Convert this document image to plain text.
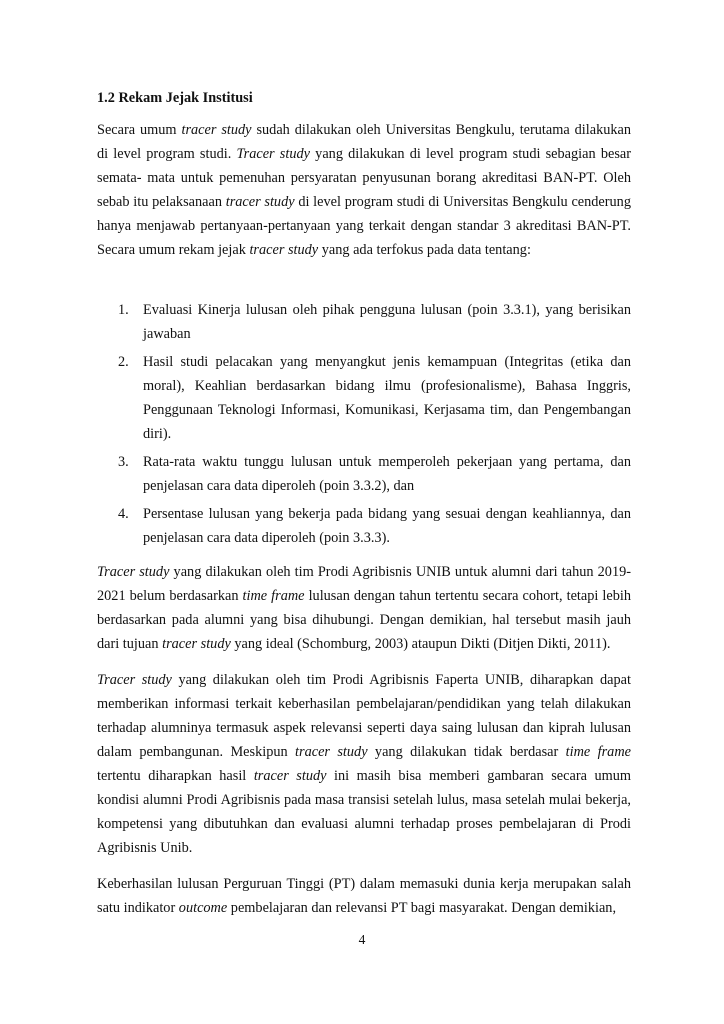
1.2 Rekam Jejak Institusi
Secara umum tracer study sudah dilakukan oleh Universitas Bengkulu, terutama dilakukan di level program studi. Tracer study yang dilakukan di level program studi sebagian besar semata- mata untuk pemenuhan persyaratan penyusunan borang akreditasi BAN-PT. Oleh sebab itu pelaksanaan tracer study di level program studi di Universitas Bengkulu cenderung hanya menjawab pertanyaan-pertanyaan yang terkait dengan standar 3 akreditasi BAN-PT. Secara umum rekam jejak tracer study yang ada terfokus pada data tentang:
1. Evaluasi Kinerja lulusan oleh pihak pengguna lulusan (poin 3.3.1), yang berisikan jawaban
2. Hasil studi pelacakan yang menyangkut jenis kemampuan (Integritas (etika dan moral), Keahlian berdasarkan bidang ilmu (profesionalisme), Bahasa Inggris, Penggunaan Teknologi Informasi, Komunikasi, Kerjasama tim, dan Pengembangan diri).
3. Rata-rata waktu tunggu lulusan untuk memperoleh pekerjaan yang pertama, dan penjelasan cara data diperoleh (poin 3.3.2), dan
4. Persentase lulusan yang bekerja pada bidang yang sesuai dengan keahliannya, dan penjelasan cara data diperoleh (poin 3.3.3).
Tracer study yang dilakukan oleh tim Prodi Agribisnis UNIB untuk alumni dari tahun 2019-2021 belum berdasarkan time frame lulusan dengan tahun tertentu secara cohort, tetapi lebih berdasarkan pada alumni yang bisa dihubungi. Dengan demikian, hal tersebut masih jauh dari tujuan tracer study yang ideal (Schomburg, 2003) ataupun Dikti (Ditjen Dikti, 2011).
Tracer study yang dilakukan oleh tim Prodi Agribisnis Faperta UNIB, diharapkan dapat memberikan informasi terkait keberhasilan pembelajaran/pendidikan yang telah dilakukan terhadap alumninya termasuk aspek relevansi seperti daya saing lulusan dan kiprah lulusan dalam pembangunan. Meskipun tracer study yang dilakukan tidak berdasar time frame tertentu diharapkan hasil tracer study ini masih bisa memberi gambaran secara umum kondisi alumni Prodi Agribisnis pada masa transisi setelah lulus, masa setelah mulai bekerja, kompetensi yang dibutuhkan dan evaluasi alumni terhadap proses pembelajaran di Prodi Agribisnis Unib.
Keberhasilan lulusan Perguruan Tinggi (PT) dalam memasuki dunia kerja merupakan salah satu indikator outcome pembelajaran dan relevansi PT bagi masyarakat. Dengan demikian,
4
